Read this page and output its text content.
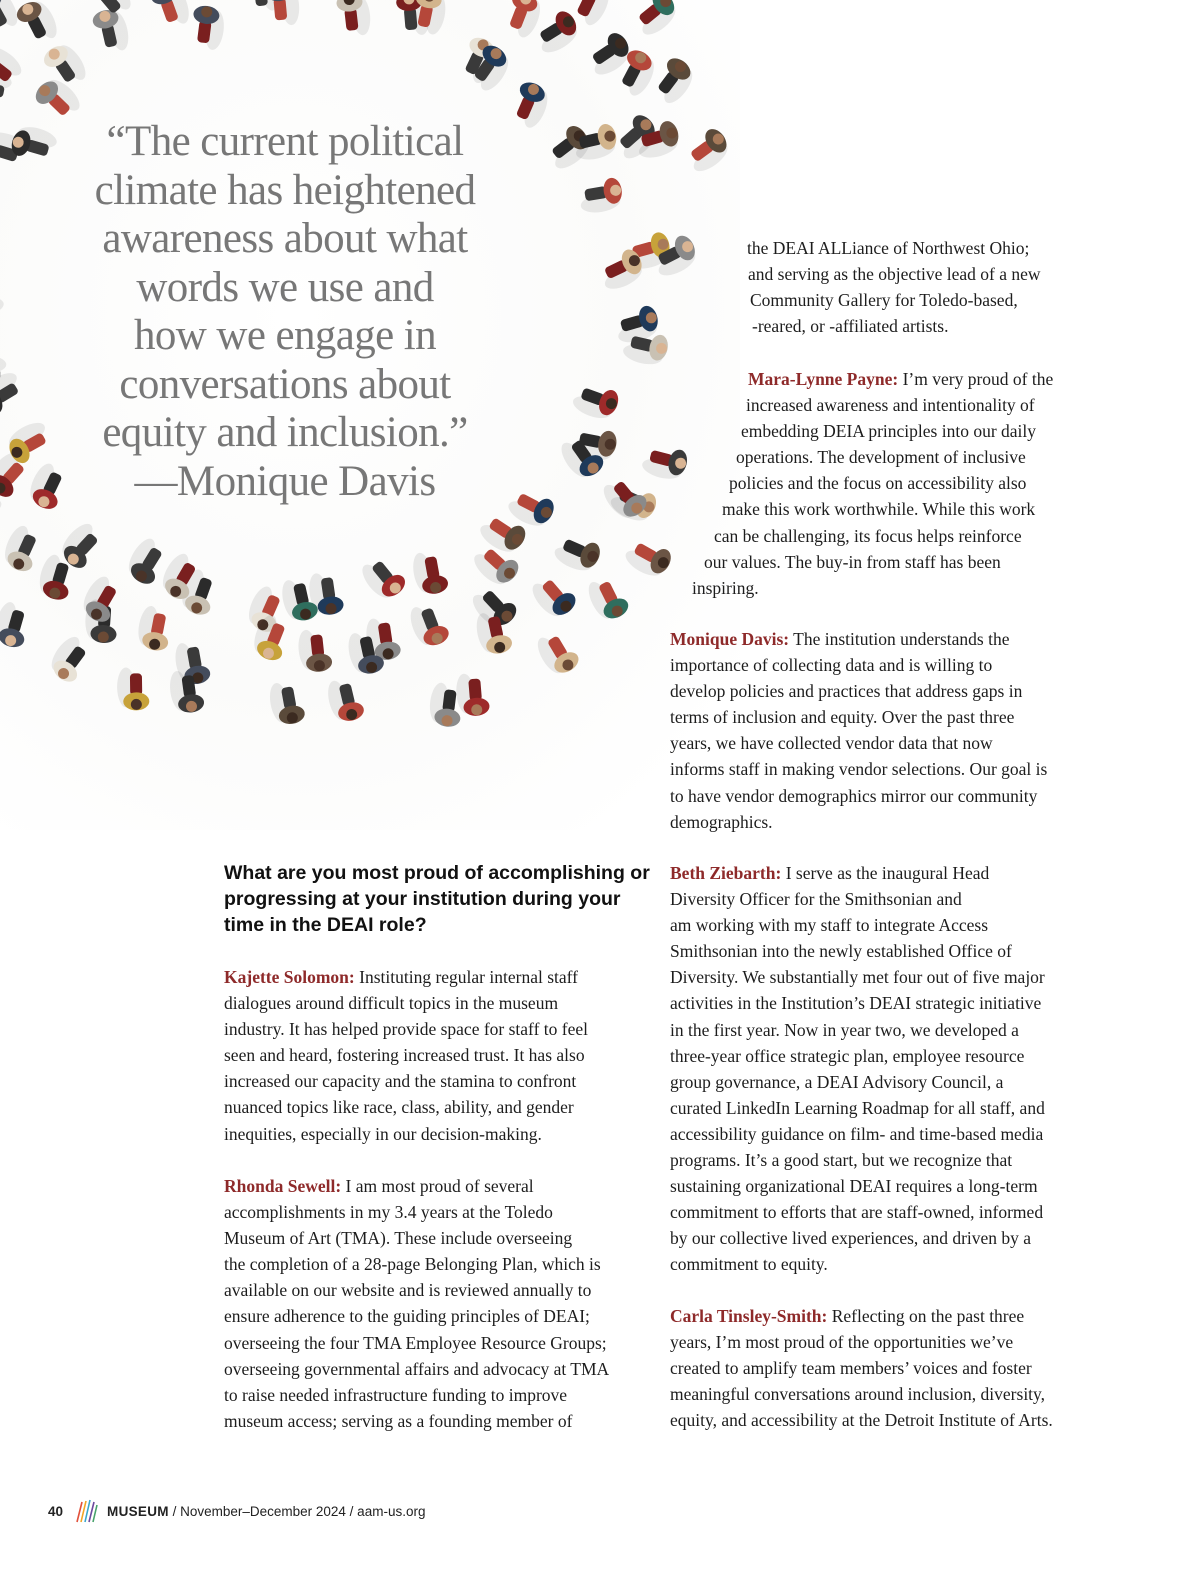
“The current political
climate has heightened
awareness about what
words we use and
how we engage in
conversations about
equity and inclusion.”
—Monique Davis
the DEAI ALLiance of Northwest Ohio;
and serving as the objective lead of a new
Community Gallery for Toledo-based,
-reared, or -affiliated artists.
Mara-Lynne Payne: I’m very proud of the
increased awareness and intentionality of
embedding DEIA principles into our daily
operations. The development of inclusive
policies and the focus on accessibility also
make this work worthwhile. While this work
can be challenging, its focus helps reinforce
our values. The buy-in from staff has been
inspiring.
Monique Davis: The institution understands the
importance of collecting data and is willing to
develop policies and practices that address gaps in
terms of inclusion and equity. Over the past three
years, we have collected vendor data that now
informs staff in making vendor selections. Our goal is
to have vendor demographics mirror our community
demographics.
What are you most proud of accomplishing or progressing at your institution during your time in the DEAI role?
Kajette Solomon: Instituting regular internal staff
dialogues around difficult topics in the museum
industry. It has helped provide space for staff to feel
seen and heard, fostering increased trust. It has also
increased our capacity and the stamina to confront
nuanced topics like race, class, ability, and gender
inequities, especially in our decision-making.
Rhonda Sewell: I am most proud of several
accomplishments in my 3.4 years at the Toledo
Museum of Art (TMA). These include overseeing
the completion of a 28-page Belonging Plan, which is
available on our website and is reviewed annually to
ensure adherence to the guiding principles of DEAI;
overseeing the four TMA Employee Resource Groups;
overseeing governmental affairs and advocacy at TMA
to raise needed infrastructure funding to improve
museum access; serving as a founding member of
Beth Ziebarth: I serve as the inaugural Head
Diversity Officer for the Smithsonian and
am working with my staff to integrate Access
Smithsonian into the newly established Office of
Diversity. We substantially met four out of five major
activities in the Institution’s DEAI strategic initiative
in the first year. Now in year two, we developed a
three-year office strategic plan, employee resource
group governance, a DEAI Advisory Council, a
curated LinkedIn Learning Roadmap for all staff, and
accessibility guidance on film- and time-based media
programs. It’s a good start, but we recognize that
sustaining organizational DEAI requires a long-term
commitment to efforts that are staff-owned, informed
by our collective lived experiences, and driven by a
commitment to equity.
Carla Tinsley-Smith: Reflecting on the past three
years, I’m most proud of the opportunities we’ve
created to amplify team members’ voices and foster
meaningful conversations around inclusion, diversity,
equity, and accessibility at the Detroit Institute of Arts.
40	MUSEUM / November–December 2024 / aam-us.org
